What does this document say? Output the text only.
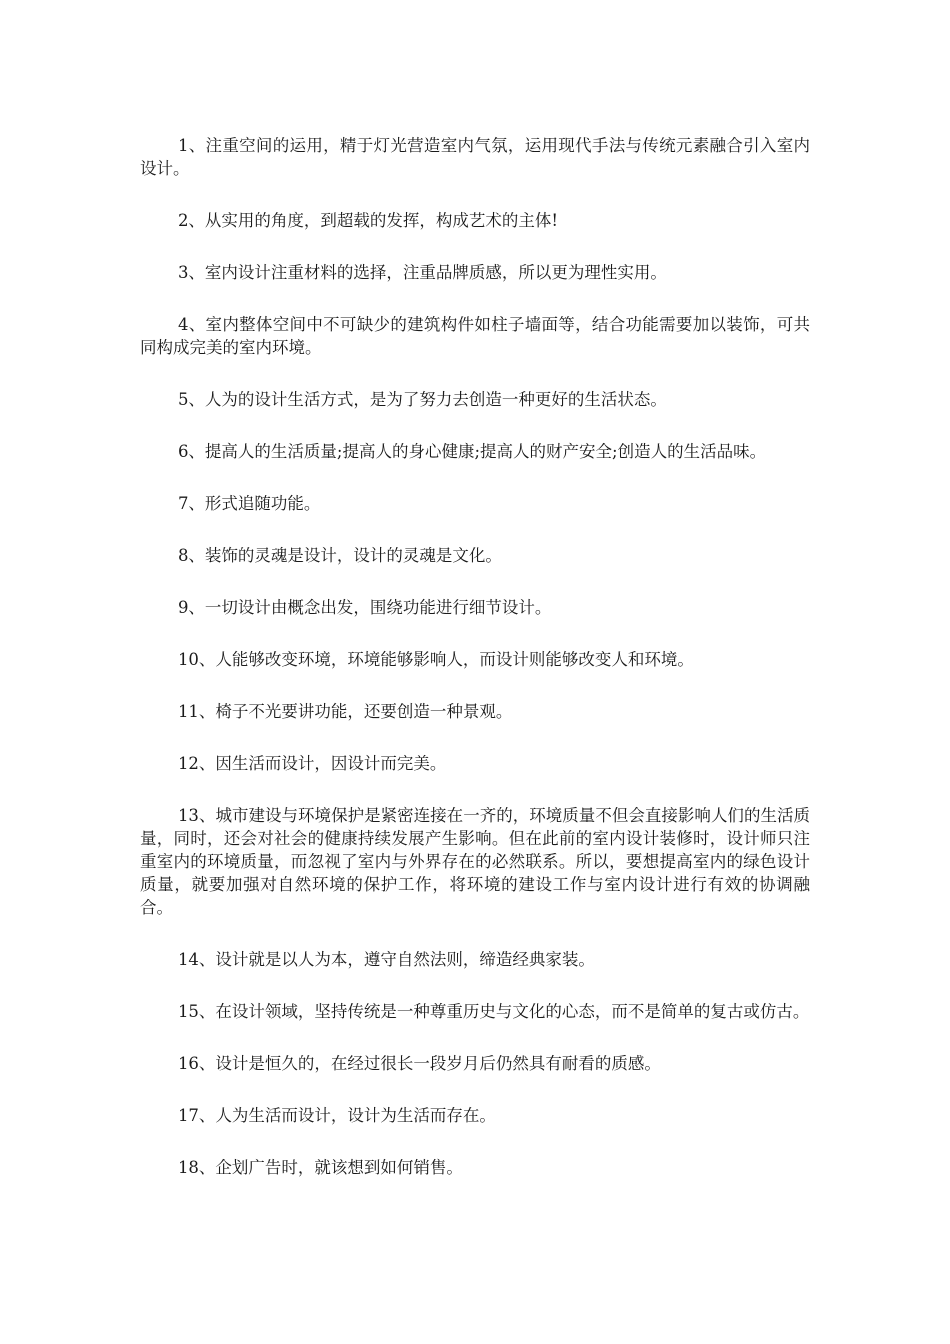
1、注重空间的运用，精于灯光营造室内气氛，运用现代手法与传统元素融合引入室内设计。

2、从实用的角度，到超载的发挥，构成艺术的主体!

3、室内设计注重材料的选择，注重品牌质感，所以更为理性实用。

4、室内整体空间中不可缺少的建筑构件如柱子墙面等，结合功能需要加以装饰，可共同构成完美的室内环境。

5、人为的设计生活方式，是为了努力去创造一种更好的生活状态。

6、提高人的生活质量;提高人的身心健康;提高人的财产安全;创造人的生活品味。

7、形式追随功能。

8、装饰的灵魂是设计，设计的灵魂是文化。

9、一切设计由概念出发，围绕功能进行细节设计。

10、人能够改变环境，环境能够影响人，而设计则能够改变人和环境。

11、椅子不光要讲功能，还要创造一种景观。

12、因生活而设计，因设计而完美。

13、城市建设与环境保护是紧密连接在一齐的，环境质量不但会直接影响人们的生活质量，同时，还会对社会的健康持续发展产生影响。但在此前的室内设计装修时，设计师只注重室内的环境质量，而忽视了室内与外界存在的必然联系。所以，要想提高室内的绿色设计质量，就要加强对自然环境的保护工作，将环境的建设工作与室内设计进行有效的协调融合。

14、设计就是以人为本，遵守自然法则，缔造经典家装。

15、在设计领域，坚持传统是一种尊重历史与文化的心态，而不是简单的复古或仿古。

16、设计是恒久的，在经过很长一段岁月后仍然具有耐看的质感。

17、人为生活而设计，设计为生活而存在。

18、企划广告时，就该想到如何销售。
